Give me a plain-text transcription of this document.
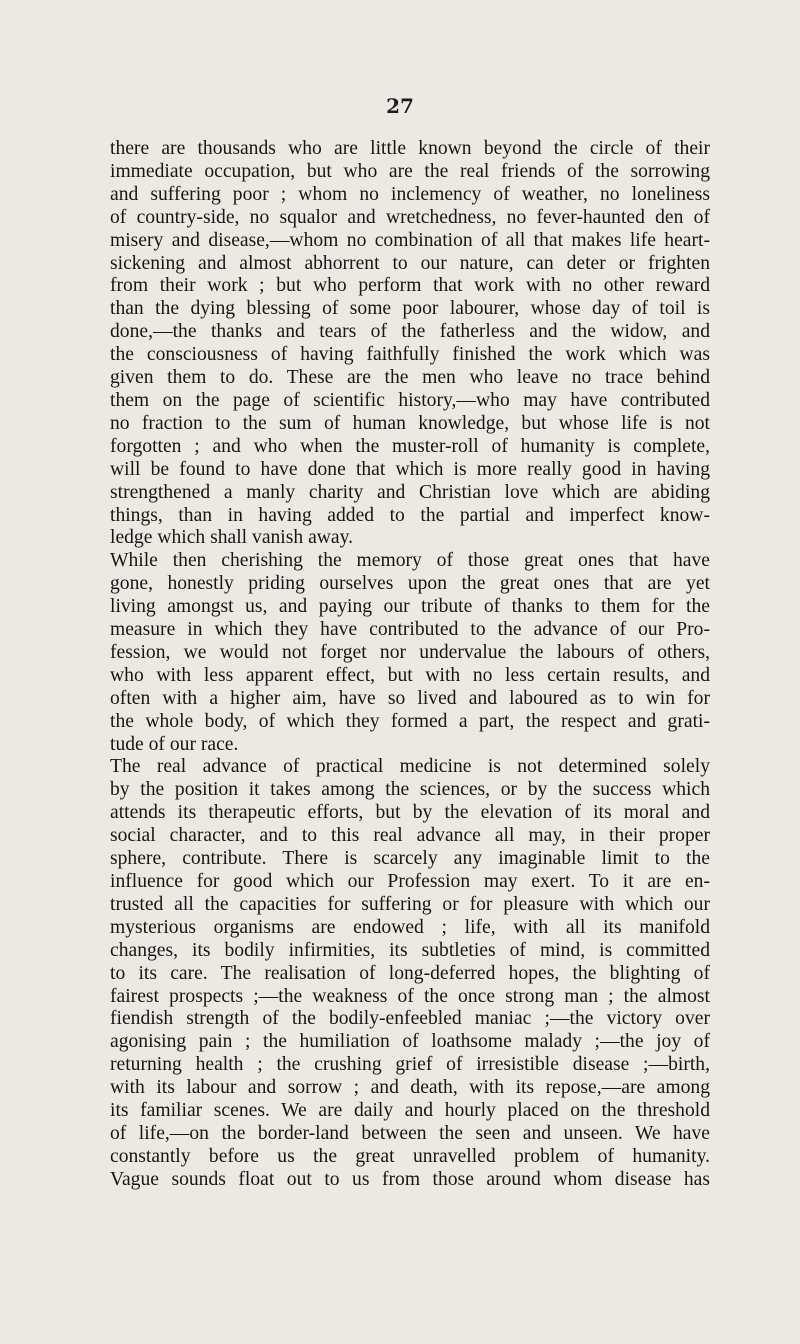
27
there are thousands who are little known beyond the circle of their
immediate occupation, but who are the real friends of the sorrowing
and suffering poor ; whom no inclemency of weather, no loneliness
of country-side, no squalor and wretchedness, no fever-haunted den of
misery and disease,—whom no combination of all that makes life heart-
sickening and almost abhorrent to our nature, can deter or frighten
from their work ; but who perform that work with no other reward
than the dying blessing of some poor labourer, whose day of toil is
done,—the thanks and tears of the fatherless and the widow, and
the consciousness of having faithfully finished the work which was
given them to do. These are the men who leave no trace behind
them on the page of scientific history,—who may have contributed
no fraction to the sum of human knowledge, but whose life is not
forgotten ; and who when the muster-roll of humanity is complete,
will be found to have done that which is more really good in having
strengthened a manly charity and Christian love which are abiding
things, than in having added to the partial and imperfect know-
ledge which shall vanish away.
While then cherishing the memory of those great ones that have
gone, honestly priding ourselves upon the great ones that are yet
living amongst us, and paying our tribute of thanks to them for the
measure in which they have contributed to the advance of our Pro-
fession, we would not forget nor undervalue the labours of others,
who with less apparent effect, but with no less certain results, and
often with a higher aim, have so lived and laboured as to win for
the whole body, of which they formed a part, the respect and grati-
tude of our race.
The real advance of practical medicine is not determined solely
by the position it takes among the sciences, or by the success which
attends its therapeutic efforts, but by the elevation of its moral and
social character, and to this real advance all may, in their proper
sphere, contribute. There is scarcely any imaginable limit to the
influence for good which our Profession may exert. To it are en-
trusted all the capacities for suffering or for pleasure with which our
mysterious organisms are endowed ; life, with all its manifold
changes, its bodily infirmities, its subtleties of mind, is committed
to its care. The realisation of long-deferred hopes, the blighting of
fairest prospects ;—the weakness of the once strong man ; the almost
fiendish strength of the bodily-enfeebled maniac ;—the victory over
agonising pain ; the humiliation of loathsome malady ;—the joy of
returning health ; the crushing grief of irresistible disease ;—birth,
with its labour and sorrow ; and death, with its repose,—are among
its familiar scenes. We are daily and hourly placed on the threshold
of life,—on the border-land between the seen and unseen. We have
constantly before us the great unravelled problem of humanity.
Vague sounds float out to us from those around whom disease has
